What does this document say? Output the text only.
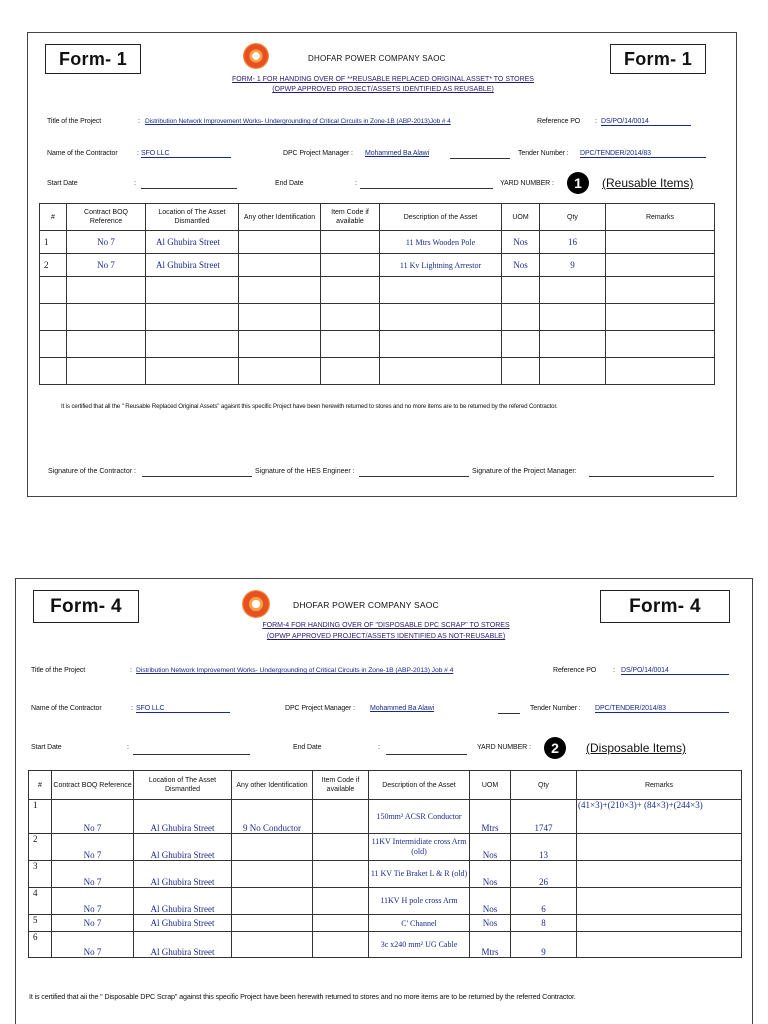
Form- 1	DHOFAR POWER COMPANY SAOC	Form- 1
FORM- 1 FOR HANDING OVER OF **REUSABLE REPLACED ORIGINAL ASSET* TO STORES
(OPWP APPROVED PROJECT/ASSETS IDENTIFIED AS REUSABLE)
Title of the Project	: Distribution Network Improvement Works- Undergrounding of Critical Circuits in Zone-1B (ABP-2013)Job # 4	Reference PO : DS/PO/14/0014
Name of the Contractor	: SFO LLC	DPC Project Manager : Mohammed Ba Alawi	Tender Number : DPC/TENDER/2014/83
Start Date	:	End Date	:	YARD NUMBER :	1	(Reusable Items)
#	Contract BOQ Reference	Location of The Asset Dismantled	Any other Identification	Item Code if available	Description of the Asset	UOM	Qty	Remarks
1	No 7	Al Ghubira Street			11 Mtrs Wooden Pole	Nos	16	
2	No 7	Al Ghubira Street			11 Kv Lightning Arrestor	Nos	9	

It is certified that all the " Reusable Replaced Original Assets" agaisnt this specific Project have been herewith returned to stores and no more items are to be returned by the refered Contractor.
Signature of the Contractor :	Signature of the HES Engineer :	Signature of the Project Manager:
Form- 4	DHOFAR POWER COMPANY SAOC	Form- 4
FORM-4 FOR HANDING OVER OF "DISPOSABLE DPC SCRAP" TO STORES
(OPWP APPROVED PROJECT/ASSETS IDENTIFIED AS NOT-REUSABLE)
Title of the Project	: Distribution Network Improvement Works- Undergrounding of Critical Circuits in Zone-1B (ABP-2013) Job # 4	Reference PO : DS/PO/14/0014
Name of the Contractor	: SFO LLC	DPC Project Manager : Mohammed Ba Alawi	Tender Number : DPC/TENDER/2014/83
Start Date	:	End Date	:	YARD NUMBER :	2	(Disposable Items)
#	Contract BOQ Reference	Location of The Asset Dismantled	Any other Identification	Item Code if available	Description of the Asset	UOM	Qty	Remarks
1	No 7	Al Ghubira Street	9 No Conductor		150mm² ACSR Conductor	Mtrs	1747	(41×3)+(210×3)+ (84×3)+(244×3)
2	No 7	Al Ghubira Street			11KV Intermidiate cross Arm (old)	Nos	13	
3	No 7	Al Ghubira Street			11 KV Tie Braket L & R (old)	Nos	26	
4	No 7	Al Ghubira Street			11KV H pole cross Arm	Nos	6	
5	No 7	Al Ghubira Street			C' Channel	Nos	8	
6	No 7	Al Ghubira Street			3c x240 mm² UG Cable	Mtrs	9	
It is certified that aii the " Disposable DPC Scrap" against this specific Project have been herewith returned to stores and no more items are to be returned by the referred Contractor.
